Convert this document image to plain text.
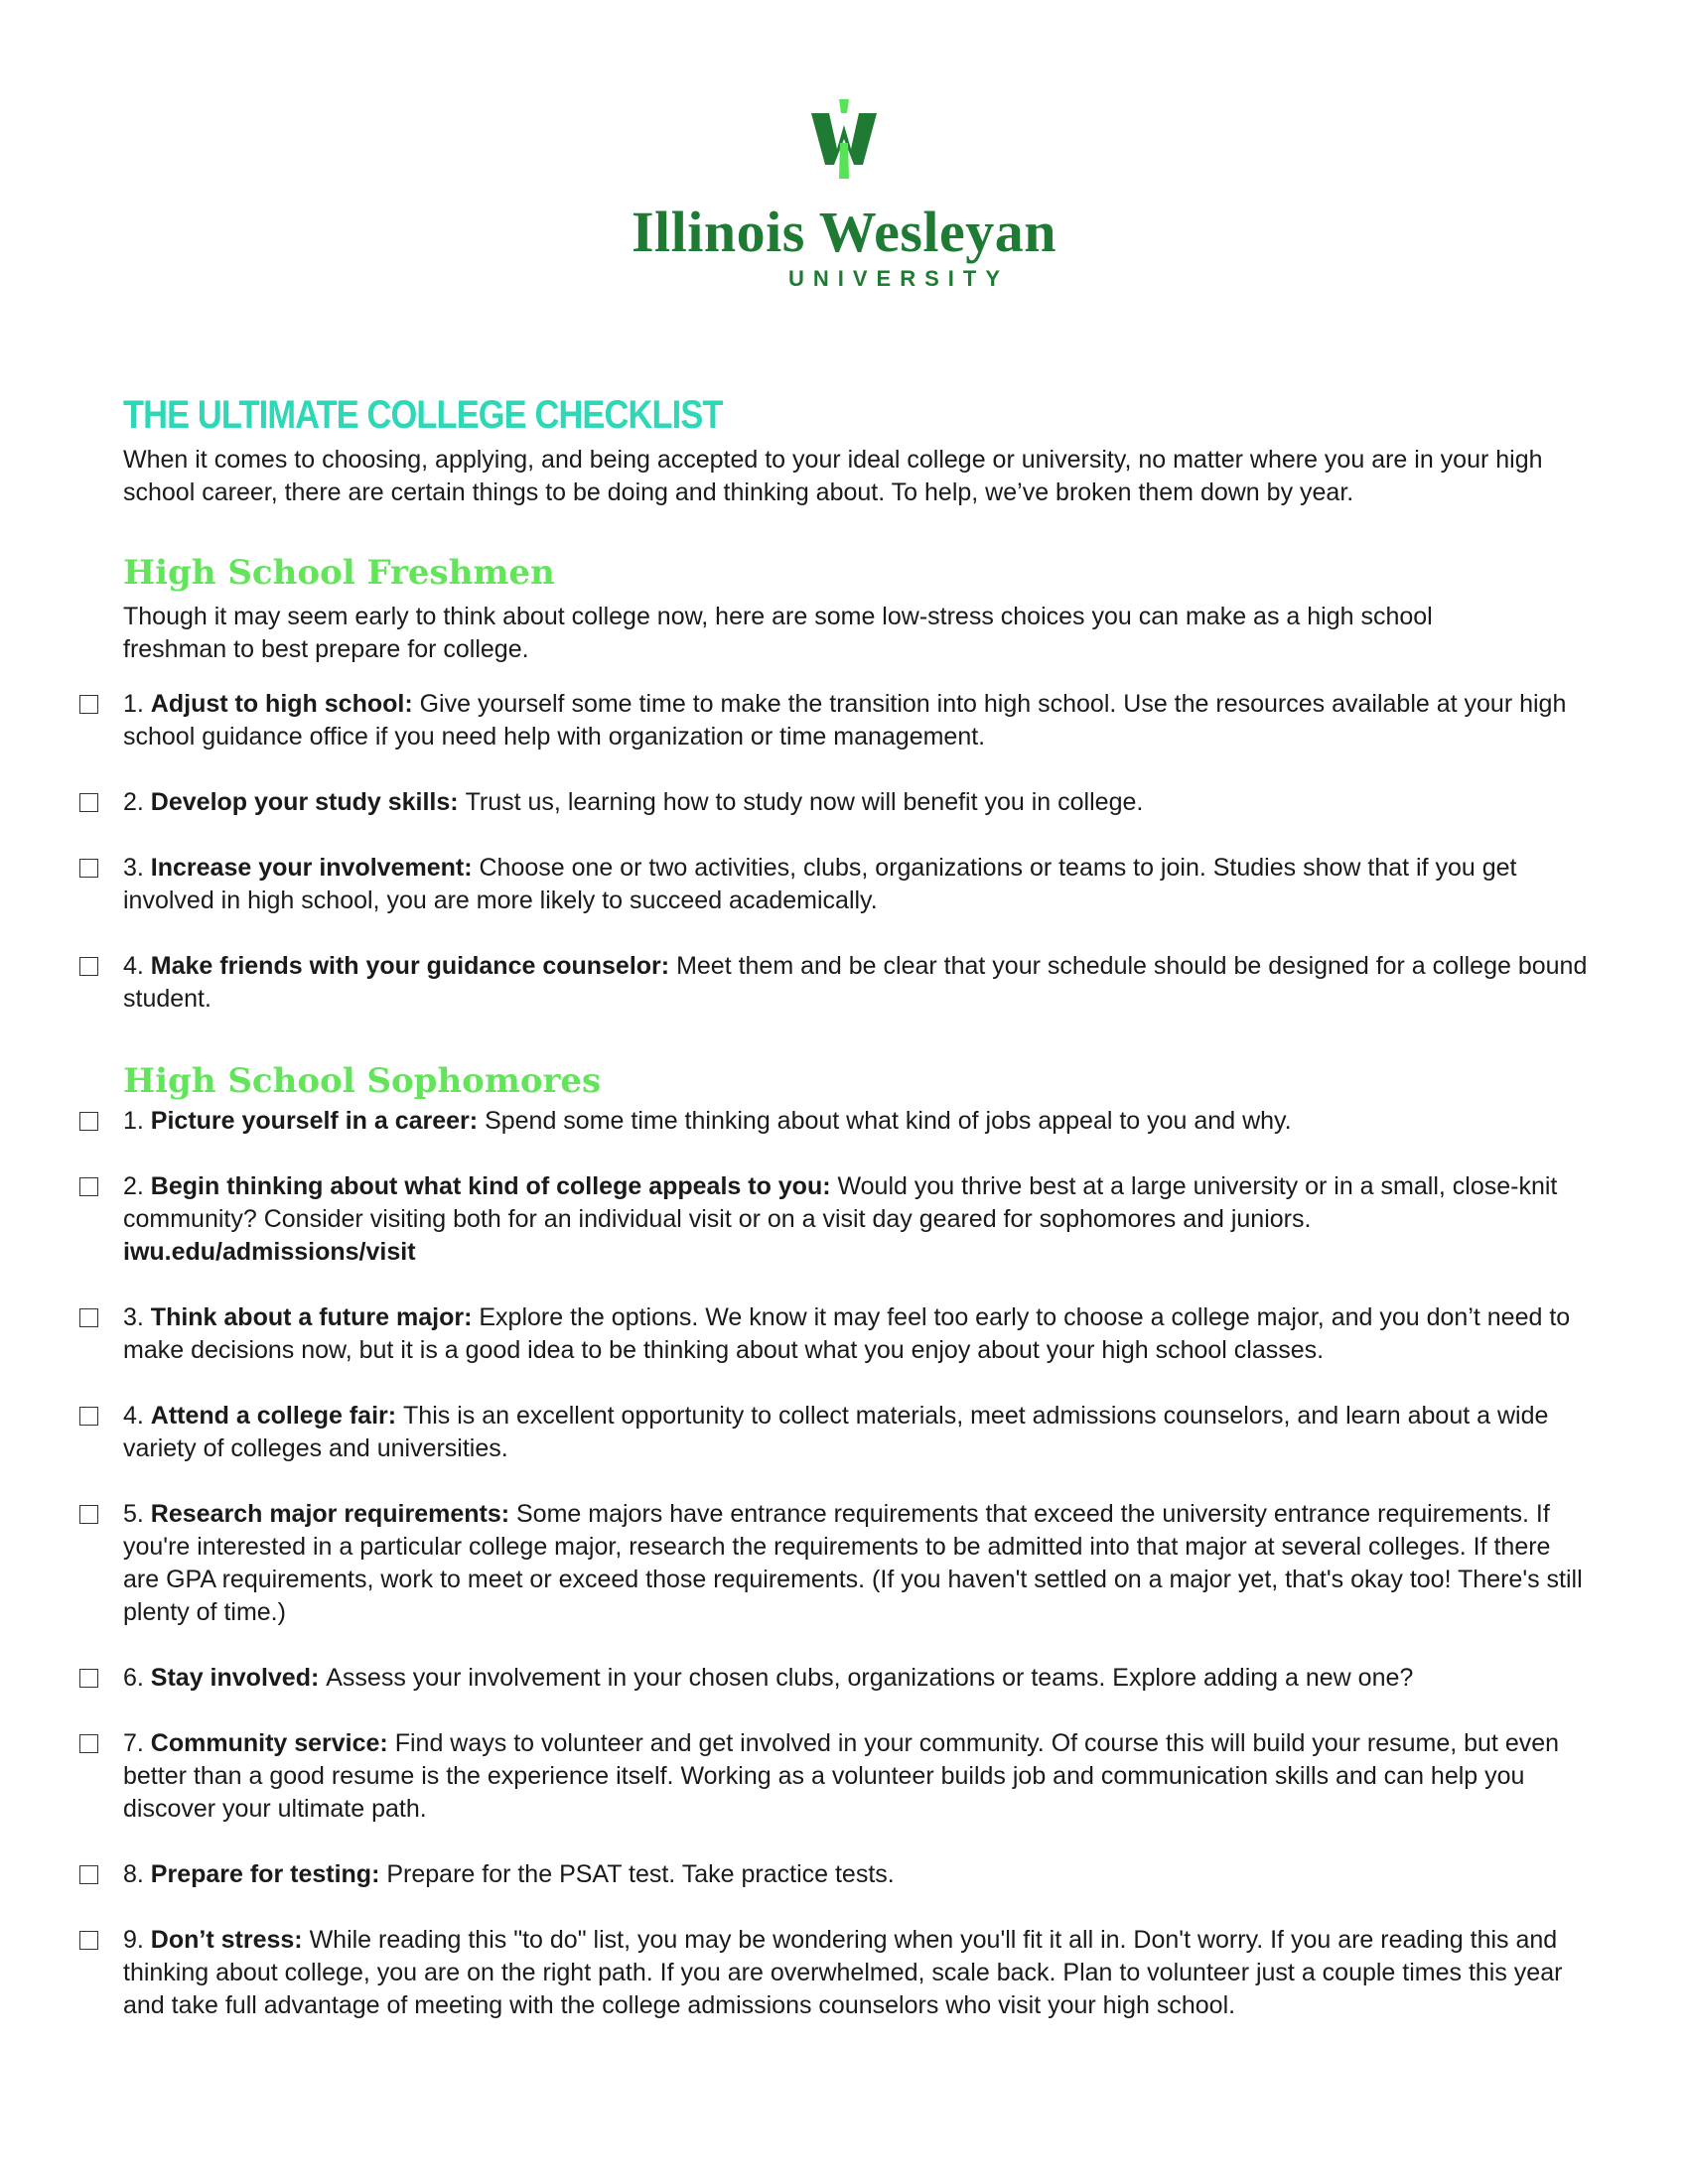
Illinois Wesleyan
UNIVERSITY
THE ULTIMATE COLLEGE CHECKLIST

When it comes to choosing, applying, and being accepted to your ideal college or university, no matter where you are in your high school career, there are certain things to be doing and thinking about. To help, we’ve broken them down by year.

High School Freshmen

Though it may seem early to think about college now, here are some low-stress choices you can make as a high school freshman to best prepare for college.

1. Adjust to high school: Give yourself some time to make the transition into high school. Use the resources available at your high school guidance office if you need help with organization or time management.
2. Develop your study skills: Trust us, learning how to study now will benefit you in college.
3. Increase your involvement: Choose one or two activities, clubs, organizations or teams to join. Studies show that if you get involved in high school, you are more likely to succeed academically.
4. Make friends with your guidance counselor: Meet them and be clear that your schedule should be designed for a college bound student.
High School Sophomores
1. Picture yourself in a career: Spend some time thinking about what kind of jobs appeal to you and why.
2. Begin thinking about what kind of college appeals to you: Would you thrive best at a large university or in a small, close-knit community? Consider visiting both for an individual visit or on a visit day geared for sophomores and juniors. iwu.edu/admissions/visit
3. Think about a future major: Explore the options. We know it may feel too early to choose a college major, and you don’t need to make decisions now, but it is a good idea to be thinking about what you enjoy about your high school classes.
4. Attend a college fair: This is an excellent opportunity to collect materials, meet admissions counselors, and learn about a wide variety of colleges and universities.
5. Research major requirements: Some majors have entrance requirements that exceed the university entrance requirements. If you're interested in a particular college major, research the requirements to be admitted into that major at several colleges. If there are GPA requirements, work to meet or exceed those requirements. (If you haven't settled on a major yet, that's okay too! There's still plenty of time.)
6. Stay involved: Assess your involvement in your chosen clubs, organizations or teams. Explore adding a new one?
7. Community service: Find ways to volunteer and get involved in your community. Of course this will build your resume, but even better than a good resume is the experience itself. Working as a volunteer builds job and communication skills and can help you discover your ultimate path.
8. Prepare for testing: Prepare for the PSAT test. Take practice tests.
9. Don’t stress: While reading this "to do" list, you may be wondering when you'll fit it all in. Don't worry. If you are reading this and thinking about college, you are on the right path. If you are overwhelmed, scale back. Plan to volunteer just a couple times this year and take full advantage of meeting with the college admissions counselors who visit your high school.
